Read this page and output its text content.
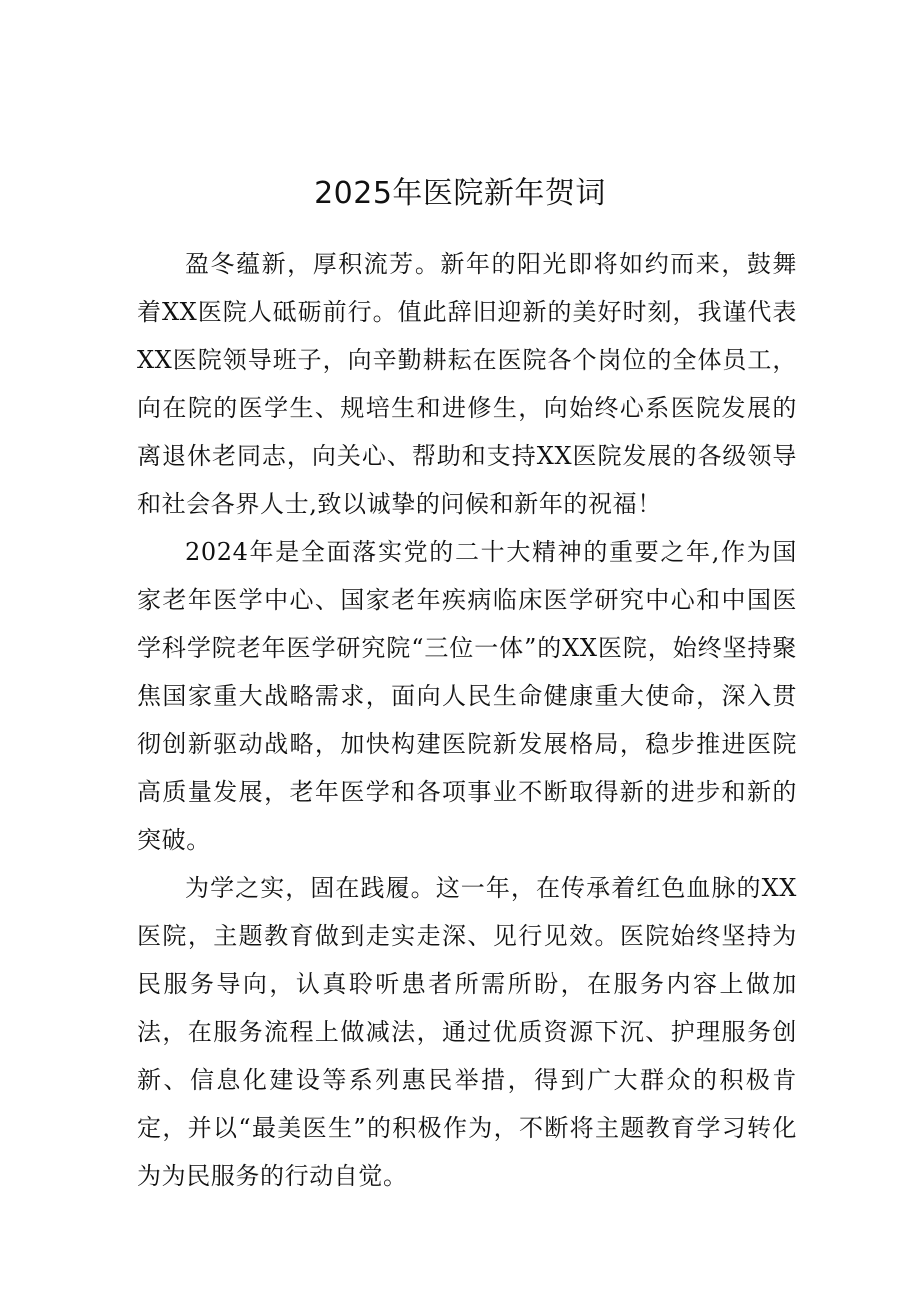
2025年医院新年贺词

盈冬蕴新，厚积流芳。新年的阳光即将如约而来，鼓舞着XX医院人砥砺前行。值此辞旧迎新的美好时刻，我谨代表XX医院领导班子，向辛勤耕耘在医院各个岗位的全体员工，向在院的医学生、规培生和进修生，向始终心系医院发展的离退休老同志，向关心、帮助和支持XX医院发展的各级领导和社会各界人士,致以诚挚的问候和新年的祝福！

2024年是全面落实党的二十大精神的重要之年,作为国家老年医学中心、国家老年疾病临床医学研究中心和中国医学科学院老年医学研究院“三位一体”的XX医院，始终坚持聚焦国家重大战略需求，面向人民生命健康重大使命，深入贯彻创新驱动战略，加快构建医院新发展格局，稳步推进医院高质量发展，老年医学和各项事业不断取得新的进步和新的突破。

为学之实，固在践履。这一年，在传承着红色血脉的XX医院，主题教育做到走实走深、见行见效。医院始终坚持为民服务导向，认真聆听患者所需所盼，在服务内容上做加法，在服务流程上做减法，通过优质资源下沉、护理服务创新、信息化建设等系列惠民举措，得到广大群众的积极肯定，并以“最美医生”的积极作为，不断将主题教育学习转化为为民服务的行动自觉。
